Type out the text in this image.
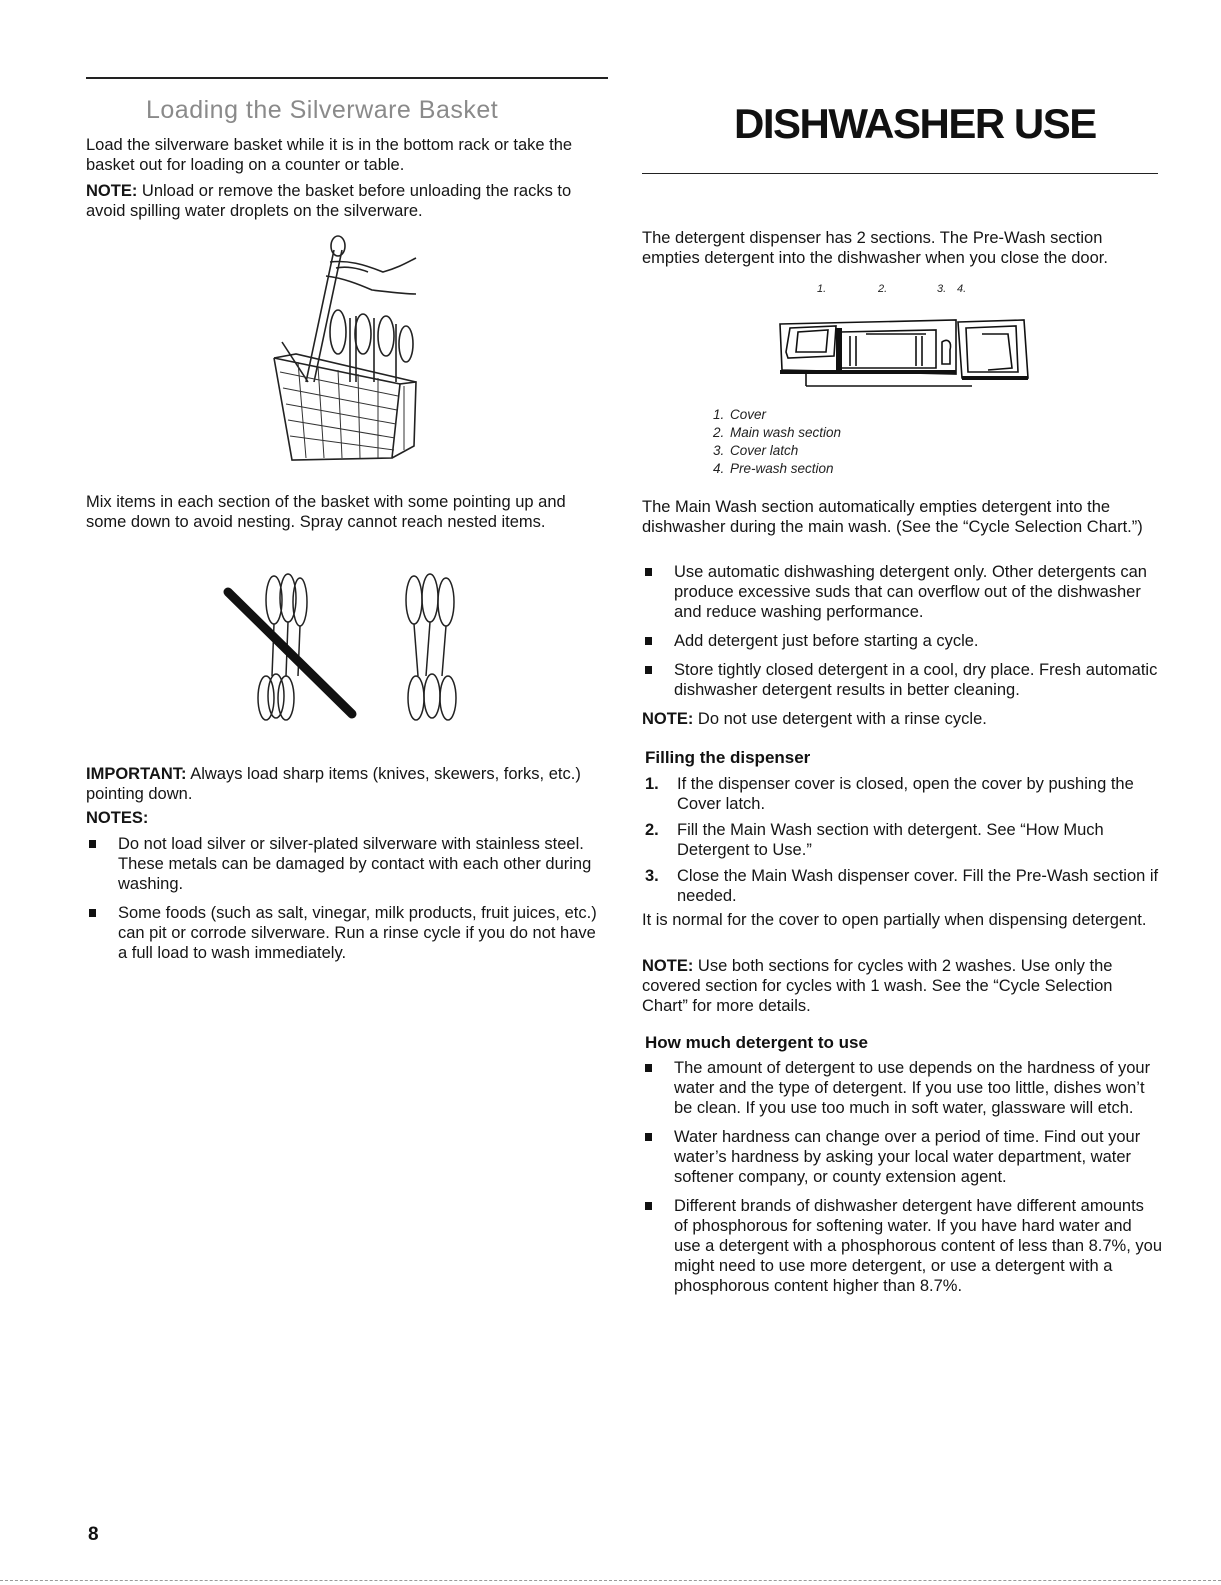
Loading the Silverware Basket

Load the silverware basket while it is in the bottom rack or take the basket out for loading on a counter or table.

NOTE: Unload or remove the basket before unloading the racks to avoid spilling water droplets on the silverware.

Mix items in each section of the basket with some pointing up and some down to avoid nesting. Spray cannot reach nested items.

IMPORTANT: Always load sharp items (knives, skewers, forks, etc.) pointing down.

NOTES:
Do not load silver or silver-plated silverware with stainless steel. These metals can be damaged by contact with each other during washing.
Some foods (such as salt, vinegar, milk products, fruit juices, etc.) can pit or corrode silverware. Run a rinse cycle if you do not have a full load to wash immediately.
DISHWASHER USE

The detergent dispenser has 2 sections. The Pre-Wash section empties detergent into the dishwasher when you close the door.

1.	2.	3. 4.
1. Cover
2. Main wash section
3. Cover latch
4. Pre-wash section

The Main Wash section automatically empties detergent into the dishwasher during the main wash. (See the “Cycle Selection Chart.”)

Use automatic dishwashing detergent only. Other detergents can produce excessive suds that can overflow out of the dishwasher and reduce washing performance.
Add detergent just before starting a cycle.
Store tightly closed detergent in a cool, dry place. Fresh automatic dishwasher detergent results in better cleaning.

NOTE: Do not use detergent with a rinse cycle.

Filling the dispenser
1. If the dispenser cover is closed, open the cover by pushing the Cover latch.
2. Fill the Main Wash section with detergent. See “How Much Detergent to Use.”
3. Close the Main Wash dispenser cover. Fill the Pre-Wash section if needed.

It is normal for the cover to open partially when dispensing detergent.

NOTE: Use both sections for cycles with 2 washes. Use only the covered section for cycles with 1 wash. See the “Cycle Selection Chart” for more details.

How much detergent to use
The amount of detergent to use depends on the hardness of your water and the type of detergent. If you use too little, dishes won’t be clean. If you use too much in soft water, glassware will etch.
Water hardness can change over a period of time. Find out your water’s hardness by asking your local water department, water softener company, or county extension agent.
Different brands of dishwasher detergent have different amounts of phosphorous for softening water. If you have hard water and use a detergent with a phosphorous content of less than 8.7%, you might need to use more detergent, or use a detergent with a phosphorous content higher than 8.7%.
8
